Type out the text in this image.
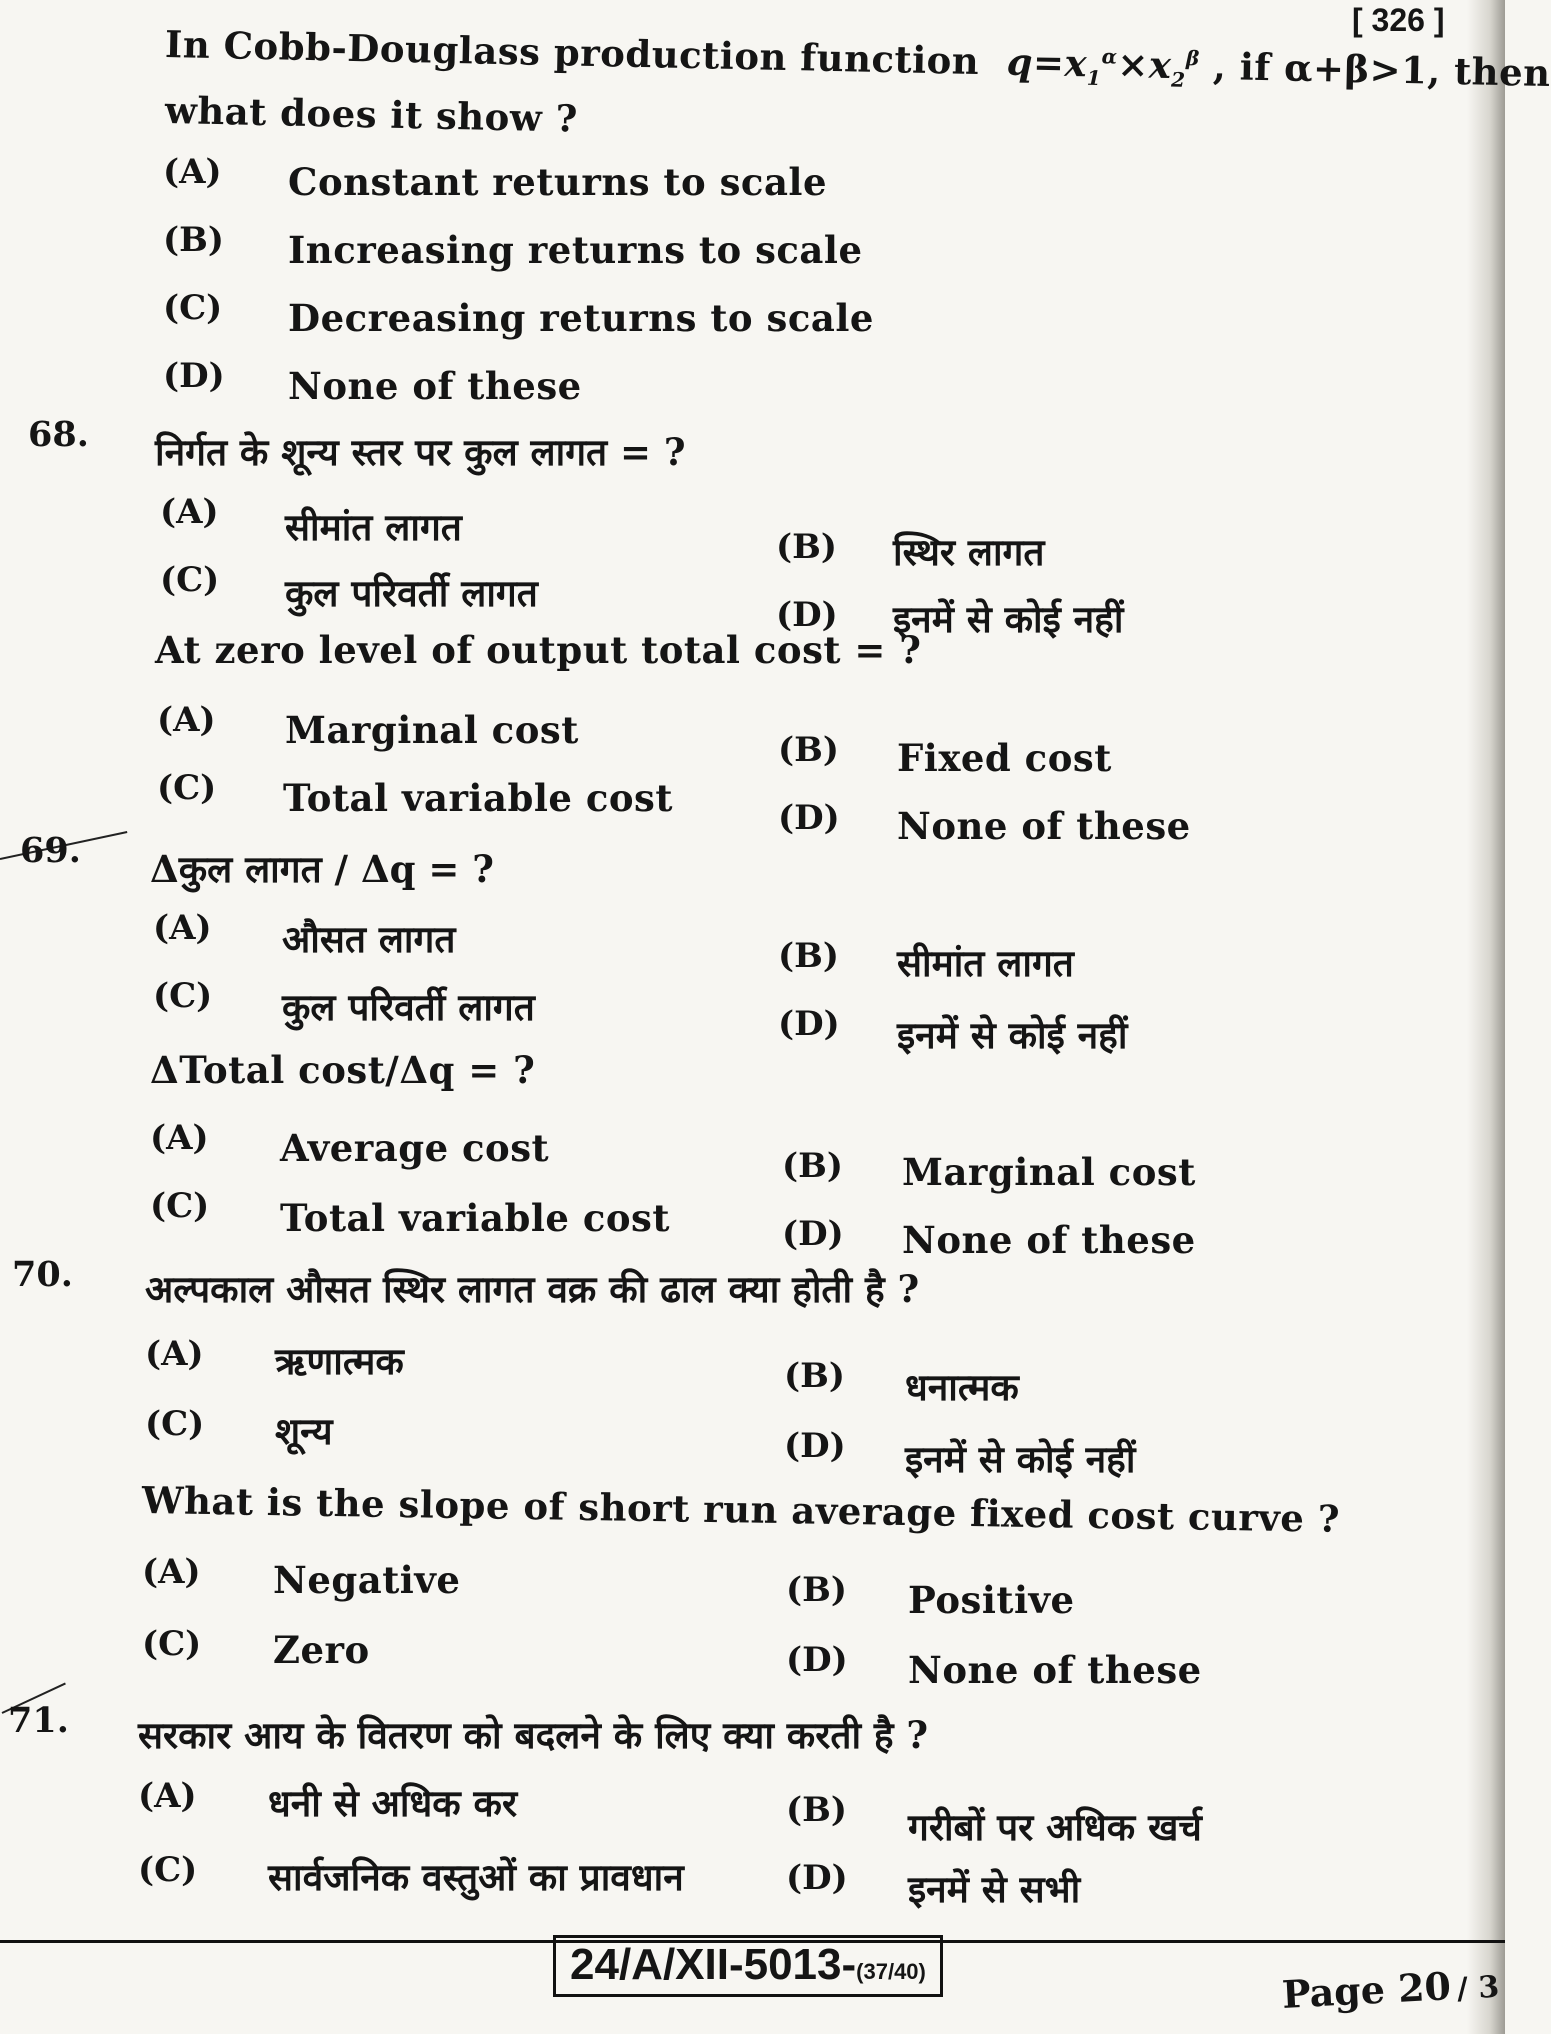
[ 326 ]
In Cobb-Douglass production function $q=x_1^\alpha\times x_2^\beta$ , if α+β>1, then
what does it show ?
(A) Constant returns to scale
(B) Increasing returns to scale
(C) Decreasing returns to scale
(D) None of these
68. निर्गत के शून्य स्तर पर कुल लागत = ?
(A) सीमांत लागत	(B) स्थिर लागत
(C) कुल परिवर्ती लागत	(D) इनमें से कोई नहीं
At zero level of output total cost = ?
(A) Marginal cost	(B) Fixed cost
(C) Total variable cost	(D) None of these
69. Δकुल लागत / Δq = ?
(A) औसत लागत	(B) सीमांत लागत
(C) कुल परिवर्ती लागत	(D) इनमें से कोई नहीं
ΔTotal cost/Δq = ?
(A) Average cost	(B) Marginal cost
(C) Total variable cost	(D) None of these
70. अल्पकाल औसत स्थिर लागत वक्र की ढाल क्या होती है ?
(A) ऋणात्मक	(B) धनात्मक
(C) शून्य	(D) इनमें से कोई नहीं
What is the slope of short run average fixed cost curve ?
(A) Negative	(B) Positive
(C) Zero	(D) None of these
71. सरकार आय के वितरण को बदलने के लिए क्या करती है ?
(A) धनी से अधिक कर	(B) गरीबों पर अधिक खर्च
(C) सार्वजनिक वस्तुओं का प्रावधान	(D) इनमें से सभी
24/A/XII-5013-(37/40)	Page 20 / 3
